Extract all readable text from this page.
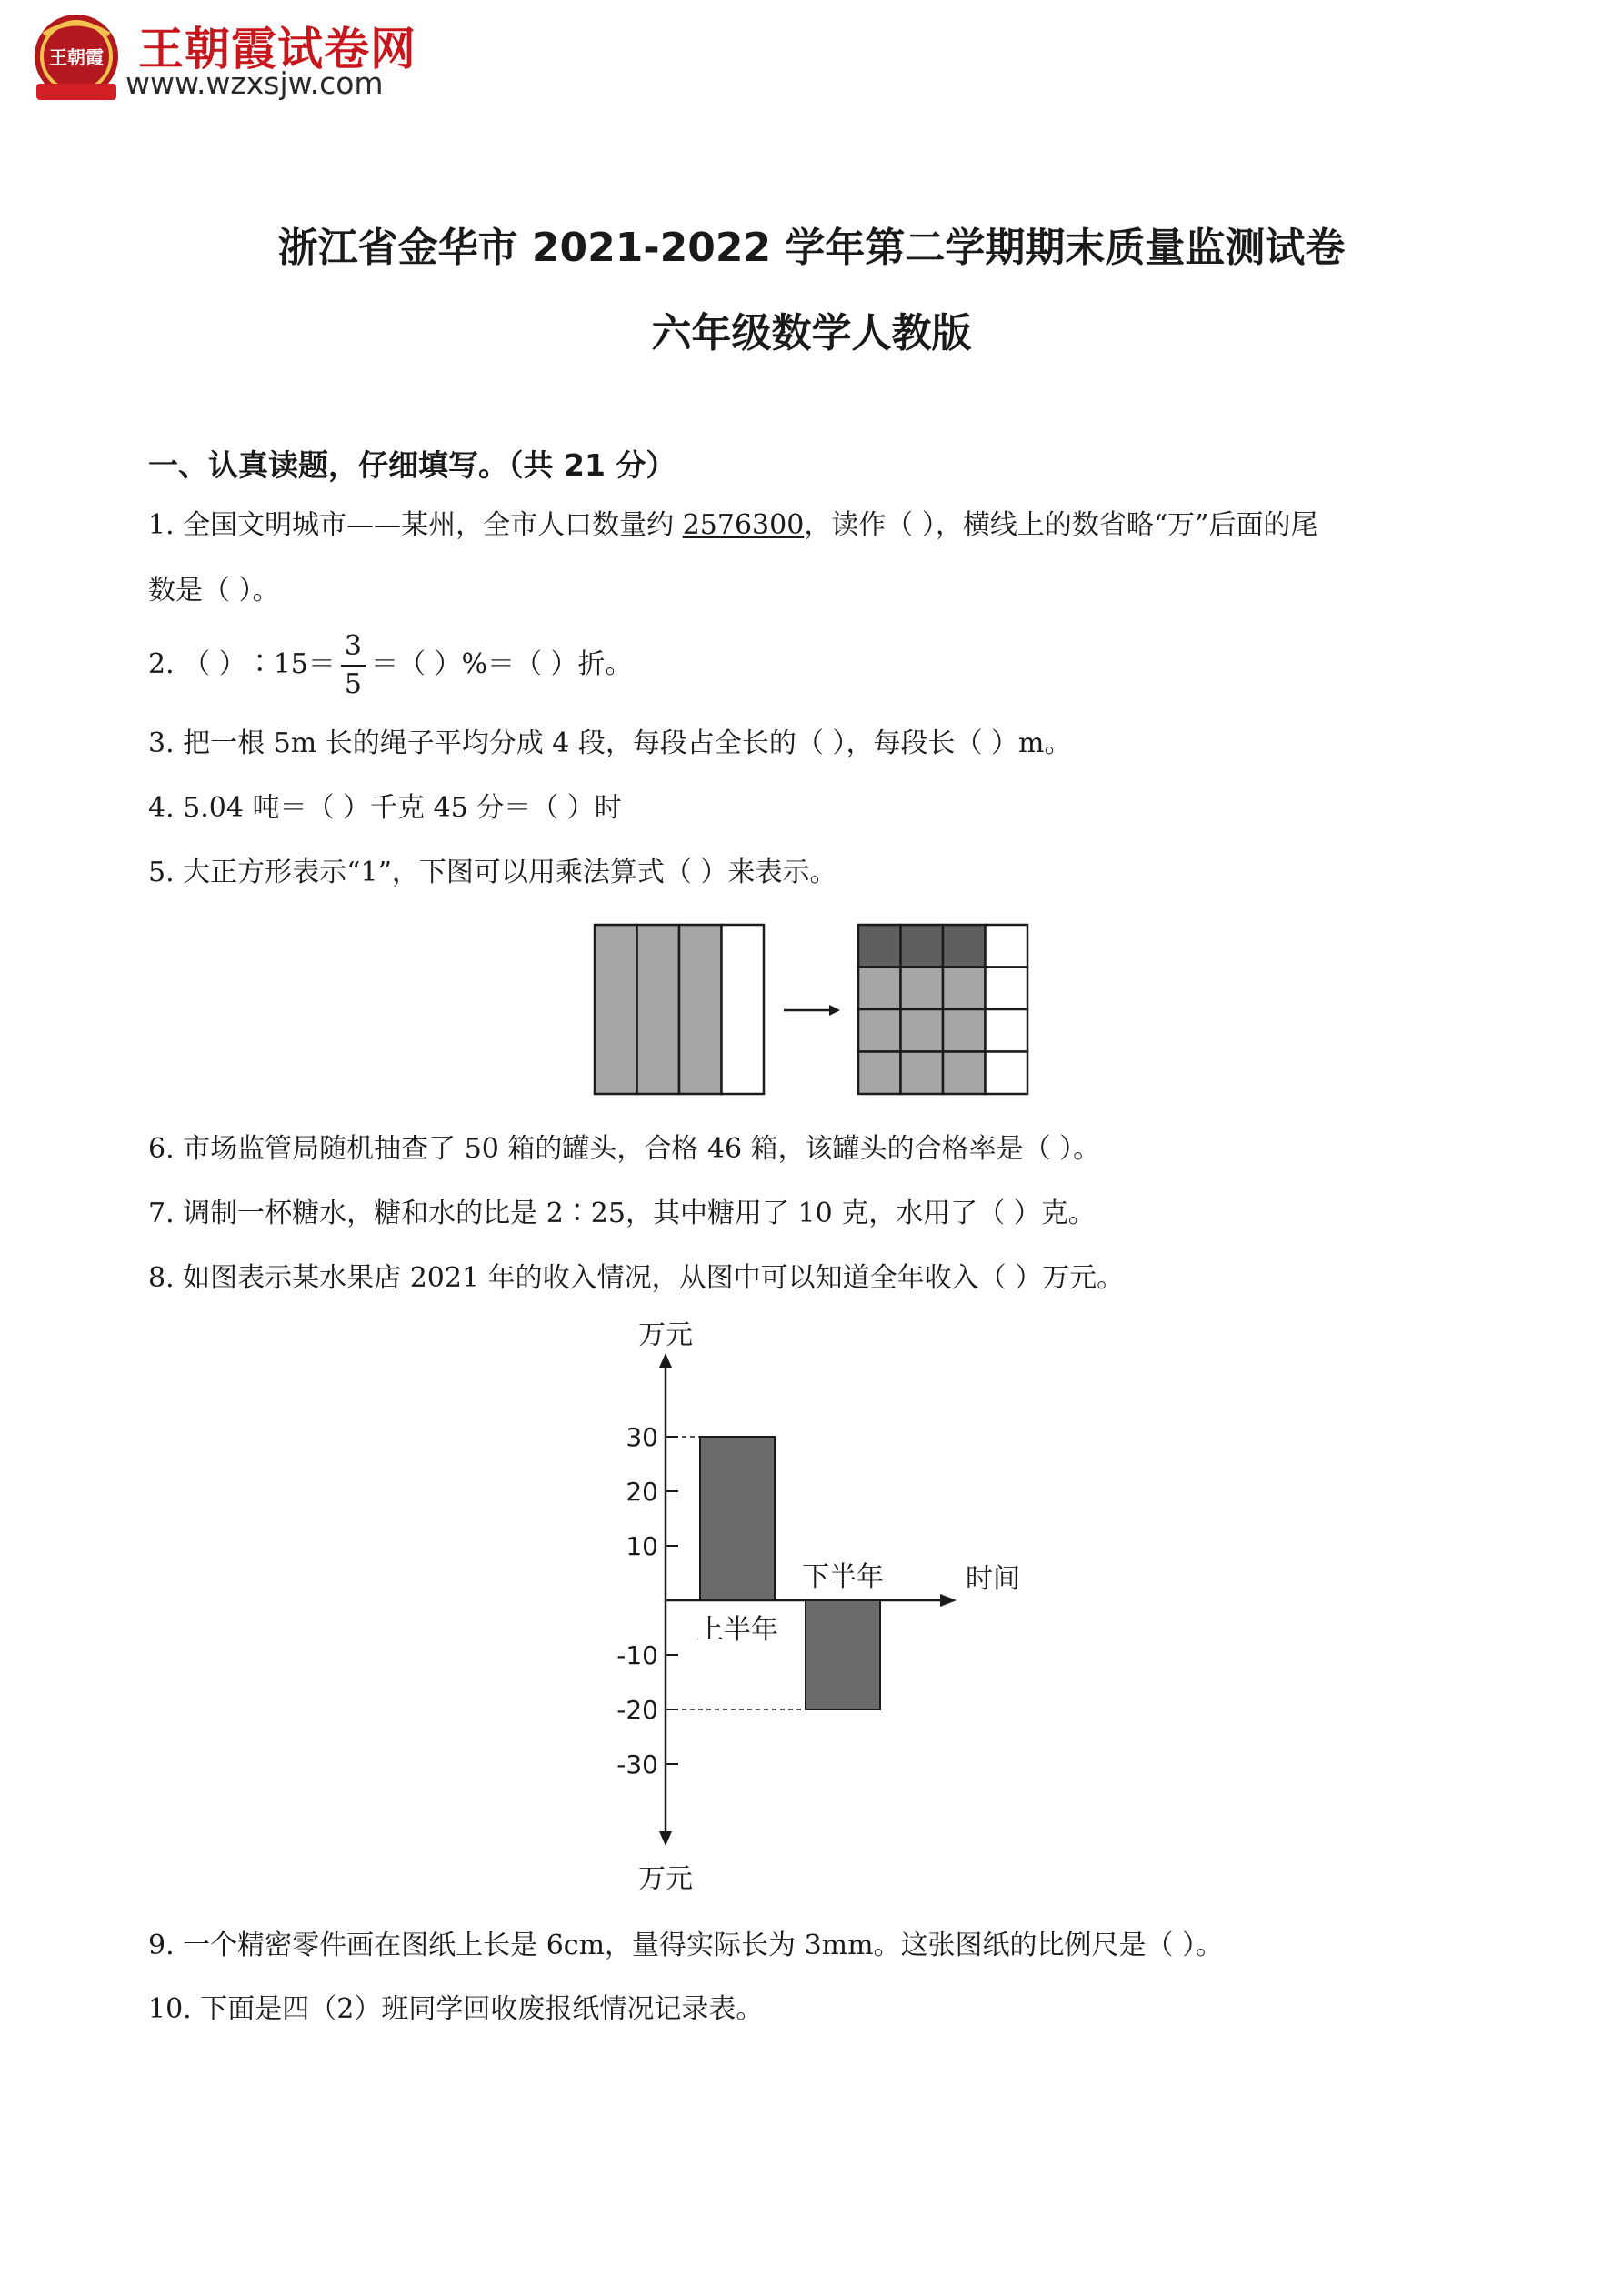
王朝霞 王朝霞试卷网
www.wzxsjw.com
浙江省金华市 2021-2022 学年第二学期期末质量监测试卷
六年级数学人教版
一、认真读题，仔细填写。（共 21 分）
1. 全国文明城市——某州，全市人口数量约 2576300，读作（ ），横线上的数省略“万”后面的尾
数是（ ）。
2. （ ）∶15＝ $\frac{3}{5}$ ＝（ ）%＝（ ）折。
3. 把一根 5m 长的绳子平均分成 4 段，每段占全长的（ ），每段长（ ）m。
4. 5.04 吨＝（ ）千克 45 分＝（ ）时
5. 大正方形表示“1”，下图可以用乘法算式（ ）来表示。
6. 市场监管局随机抽查了 50 箱的罐头，合格 46 箱，该罐头的合格率是（ ）。
7. 调制一杯糖水，糖和水的比是 2∶25，其中糖用了 10 克，水用了（ ）克。
8. 如图表示某水果店 2021 年的收入情况，从图中可以知道全年收入（ ）万元。
万元
万元
时间
30
20
10
-10
-20
-30
上半年
下半年
9. 一个精密零件画在图纸上长是 6cm，量得实际长为 3mm。这张图纸的比例尺是（ ）。
10. 下面是四（2）班同学回收废报纸情况记录表。
